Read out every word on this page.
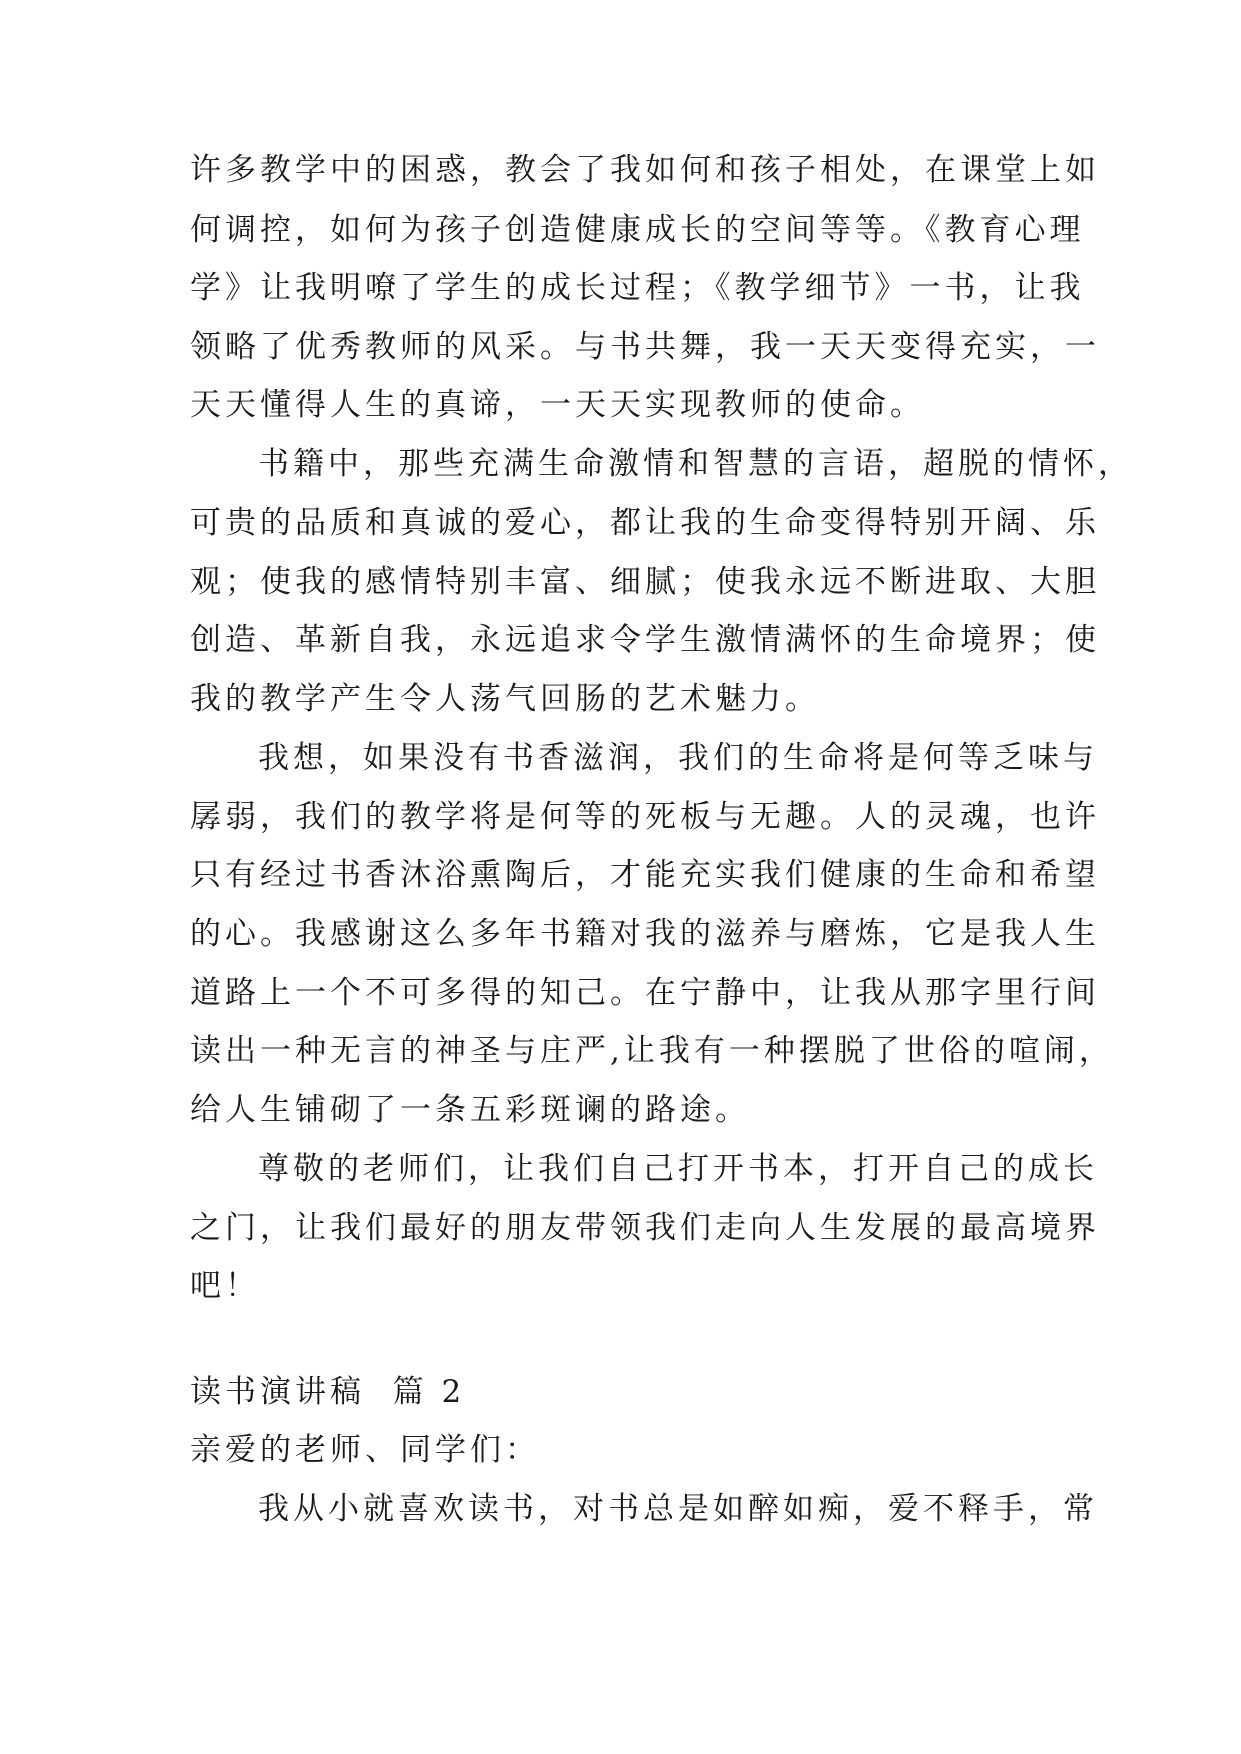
许多教学中的困惑，教会了我如何和孩子相处，在课堂上如
何调控，如何为孩子创造健康成长的空间等等。《教育心理
学》让我明嘹了学生的成长过程；《教学细节》一书，让我
领略了优秀教师的风采。与书共舞，我一天天变得充实，一
天天懂得人生的真谛，一天天实现教师的使命。
书籍中，那些充满生命激情和智慧的言语，超脱的情怀，
可贵的品质和真诚的爱心，都让我的生命变得特别开阔、乐
观；使我的感情特别丰富、细腻；使我永远不断进取、大胆
创造、革新自我，永远追求令学生激情满怀的生命境界；使
我的教学产生令人荡气回肠的艺术魅力。
我想，如果没有书香滋润，我们的生命将是何等乏味与
孱弱，我们的教学将是何等的死板与无趣。人的灵魂，也许
只有经过书香沐浴熏陶后，才能充实我们健康的生命和希望
的心。我感谢这么多年书籍对我的滋养与磨炼，它是我人生
道路上一个不可多得的知己。在宁静中，让我从那字里行间
读出一种无言的神圣与庄严,让我有一种摆脱了世俗的喧闹，
给人生铺砌了一条五彩斑谰的路途。
尊敬的老师们，让我们自己打开书本，打开自己的成长
之门，让我们最好的朋友带领我们走向人生发展的最高境界
吧！
读书演讲稿  篇 2
亲爱的老师、同学们：
我从小就喜欢读书，对书总是如醉如痴，爱不释手，常
